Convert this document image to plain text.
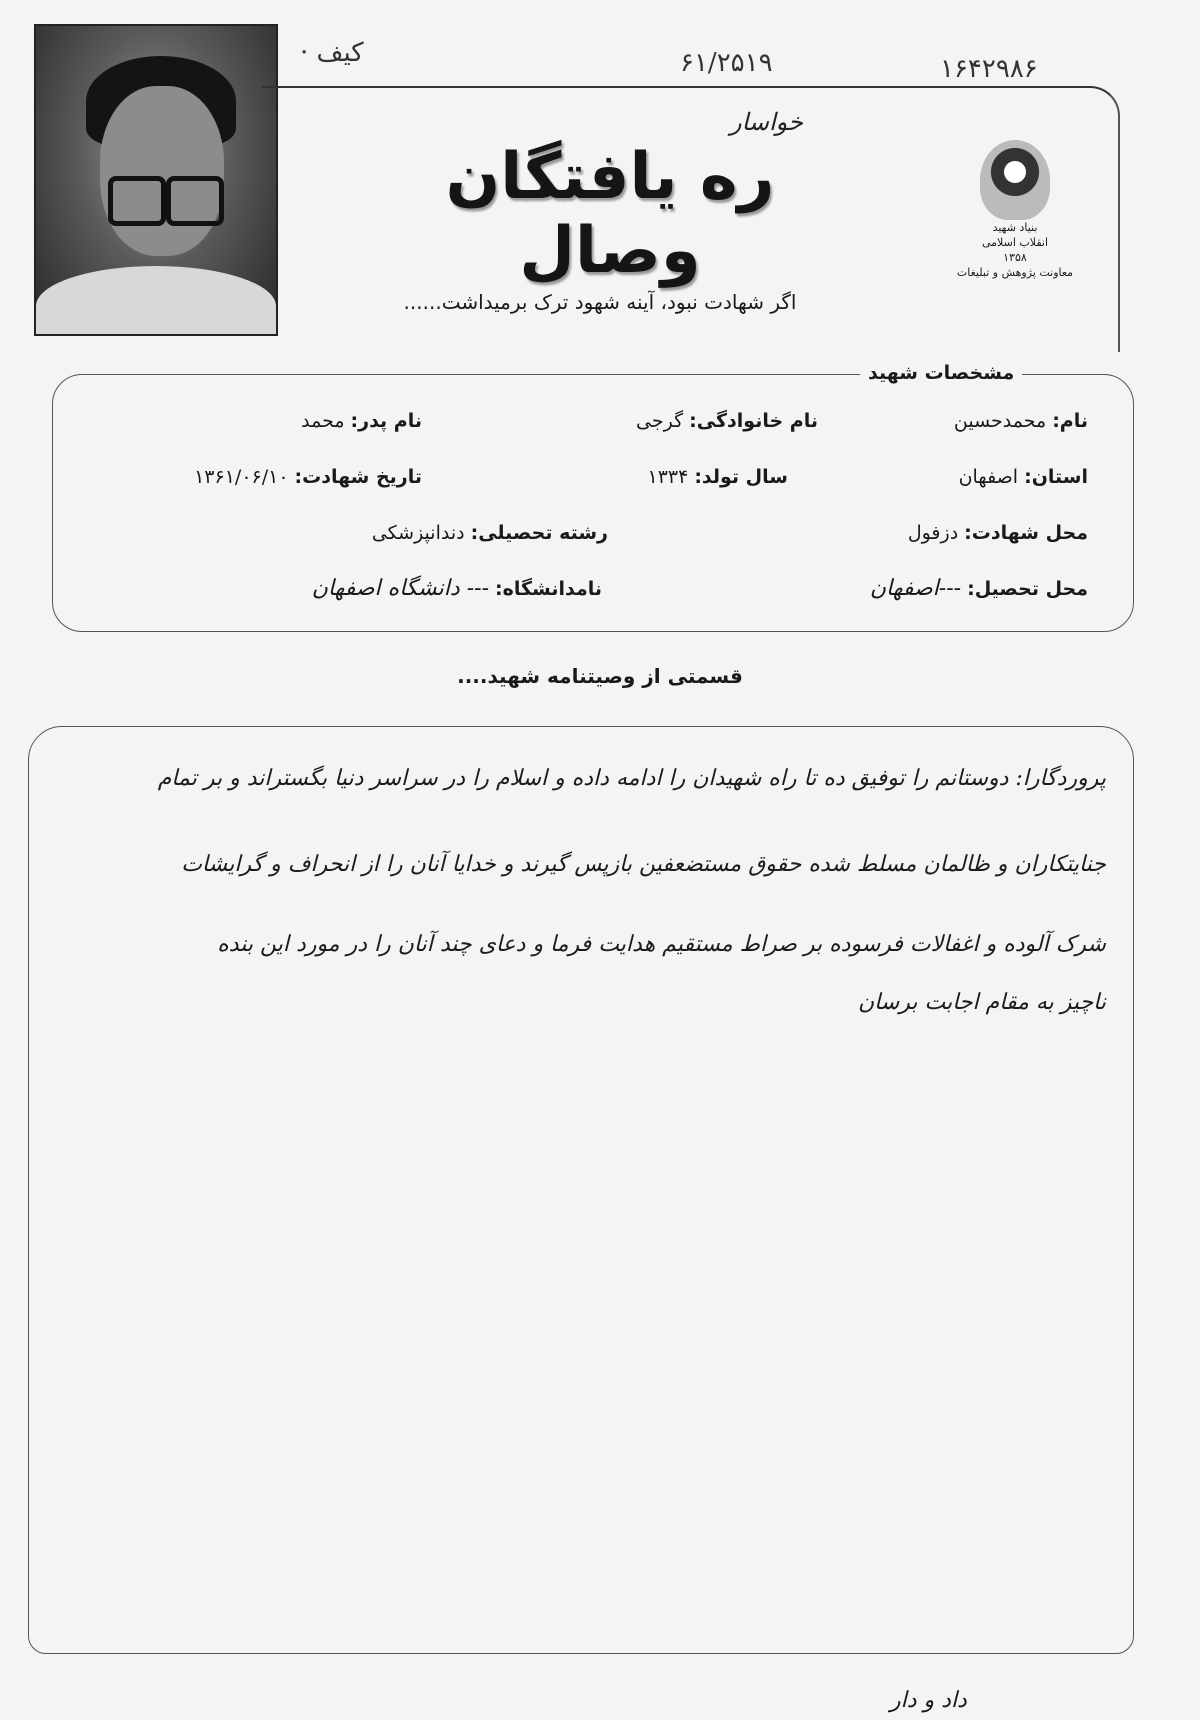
· کیف	۶۱/۲۵۱۹	۱۶۴۲۹۸۶
خواسار
ره یافتگان وصال
اگر شهادت نبود، آینه شهود ترک برمیداشت......
بنیاد شهید
انقلاب اسلامی
۱۳۵۸
معاونت پژوهش و تبلیغات
مشخصات شهید
نام:محمدحسین
نام خانوادگی:گرجی
نام پدر:محمد
استان:اصفهان
سال تولد:۱۳۳۴
تاریخ شهادت:۱۳۶۱/۰۶/۱۰
محل شهادت:دزفول
رشته تحصیلی:دندانپزشکی
محل تحصیل:---اصفهان
نامدانشگاه:--- دانشگاه اصفهان
قسمتی از وصیتنامه شهید....
پروردگارا: دوستانم را توفیق ده تا راه شهیدان را ادامه داده و اسلام را در سراسر دنیا بگستراند و بر تمام
جنایتکاران و ظالمان مسلط شده حقوق مستضعفین بازپس گیرند و خدایا آنان را از انحراف و گرایشات
شرک آلوده و اغفالات فرسوده بر صراط مستقیم هدایت فرما و دعای چند آنان را در مورد این بنده
ناچیز به مقام اجابت برسان
داد و دار
